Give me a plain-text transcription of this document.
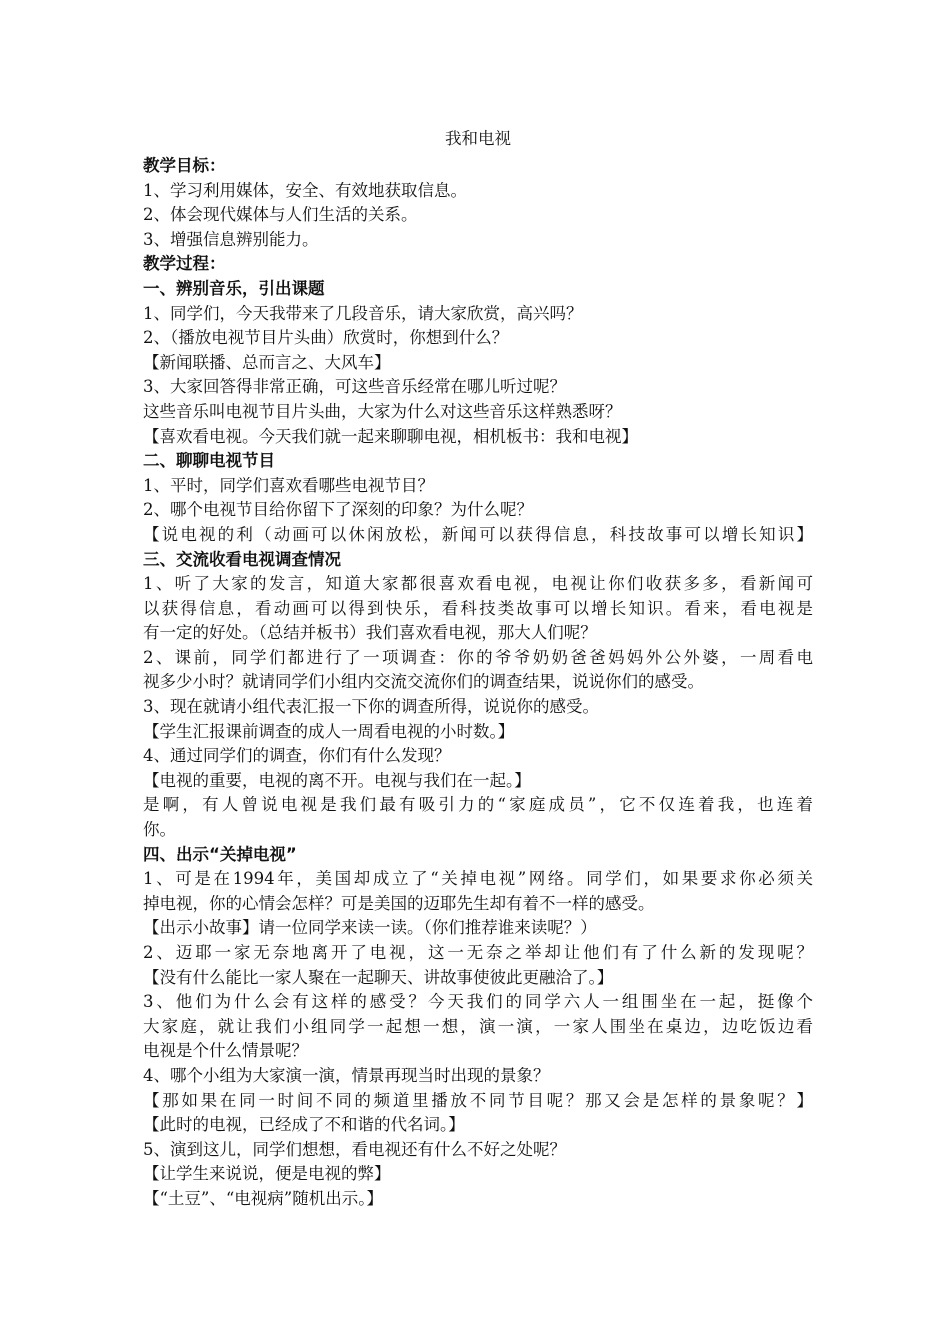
我和电视
教学目标：
1、学习利用媒体，安全、有效地获取信息。
2、体会现代媒体与人们生活的关系。
3、增强信息辨别能力。
教学过程：
一、辨别音乐，引出课题
1、同学们，今天我带来了几段音乐，请大家欣赏，高兴吗？
2、（播放电视节目片头曲）欣赏时，你想到什么？
【新闻联播、总而言之、大风车】
3、大家回答得非常正确，可这些音乐经常在哪儿听过呢？
这些音乐叫电视节目片头曲，大家为什么对这些音乐这样熟悉呀？
【喜欢看电视。今天我们就一起来聊聊电视，相机板书：我和电视】
二、聊聊电视节目
1、平时，同学们喜欢看哪些电视节目？
2、哪个电视节目给你留下了深刻的印象？为什么呢？
【说电视的利（动画可以休闲放松，新闻可以获得信息，科技故事可以增长知识】
三、交流收看电视调查情况
1、听了大家的发言，知道大家都很喜欢看电视，电视让你们收获多多，看新闻可
以获得信息，看动画可以得到快乐，看科技类故事可以增长知识。看来，看电视是
有一定的好处。（总结并板书）我们喜欢看电视，那大人们呢？
2、课前，同学们都进行了一项调查：你的爷爷奶奶爸爸妈妈外公外婆，一周看电
视多少小时？就请同学们小组内交流交流你们的调查结果，说说你们的感受。
3、现在就请小组代表汇报一下你的调查所得，说说你的感受。
【学生汇报课前调查的成人一周看电视的小时数。】
4、通过同学们的调查，你们有什么发现？
【电视的重要，电视的离不开。电视与我们在一起。】
是啊，有人曾说电视是我们最有吸引力的“家庭成员”，它不仅连着我，也连着
你。
四、出示“关掉电视”
1、可是在1994年，美国却成立了“关掉电视”网络。同学们，如果要求你必须关
掉电视，你的心情会怎样？可是美国的迈耶先生却有着不一样的感受。
【出示小故事】请一位同学来读一读。（你们推荐谁来读呢？）
2、迈耶一家无奈地离开了电视，这一无奈之举却让他们有了什么新的发现呢？
【没有什么能比一家人聚在一起聊天、讲故事使彼此更融洽了。】
3、他们为什么会有这样的感受？今天我们的同学六人一组围坐在一起，挺像个
大家庭，就让我们小组同学一起想一想，演一演，一家人围坐在桌边，边吃饭边看
电视是个什么情景呢？
4、哪个小组为大家演一演，情景再现当时出现的景象？
【那如果在同一时间不同的频道里播放不同节目呢？那又会是怎样的景象呢？】
【此时的电视，已经成了不和谐的代名词。】
5、演到这儿，同学们想想，看电视还有什么不好之处呢？
【让学生来说说，便是电视的弊】
【“土豆”、“电视病”随机出示。】
